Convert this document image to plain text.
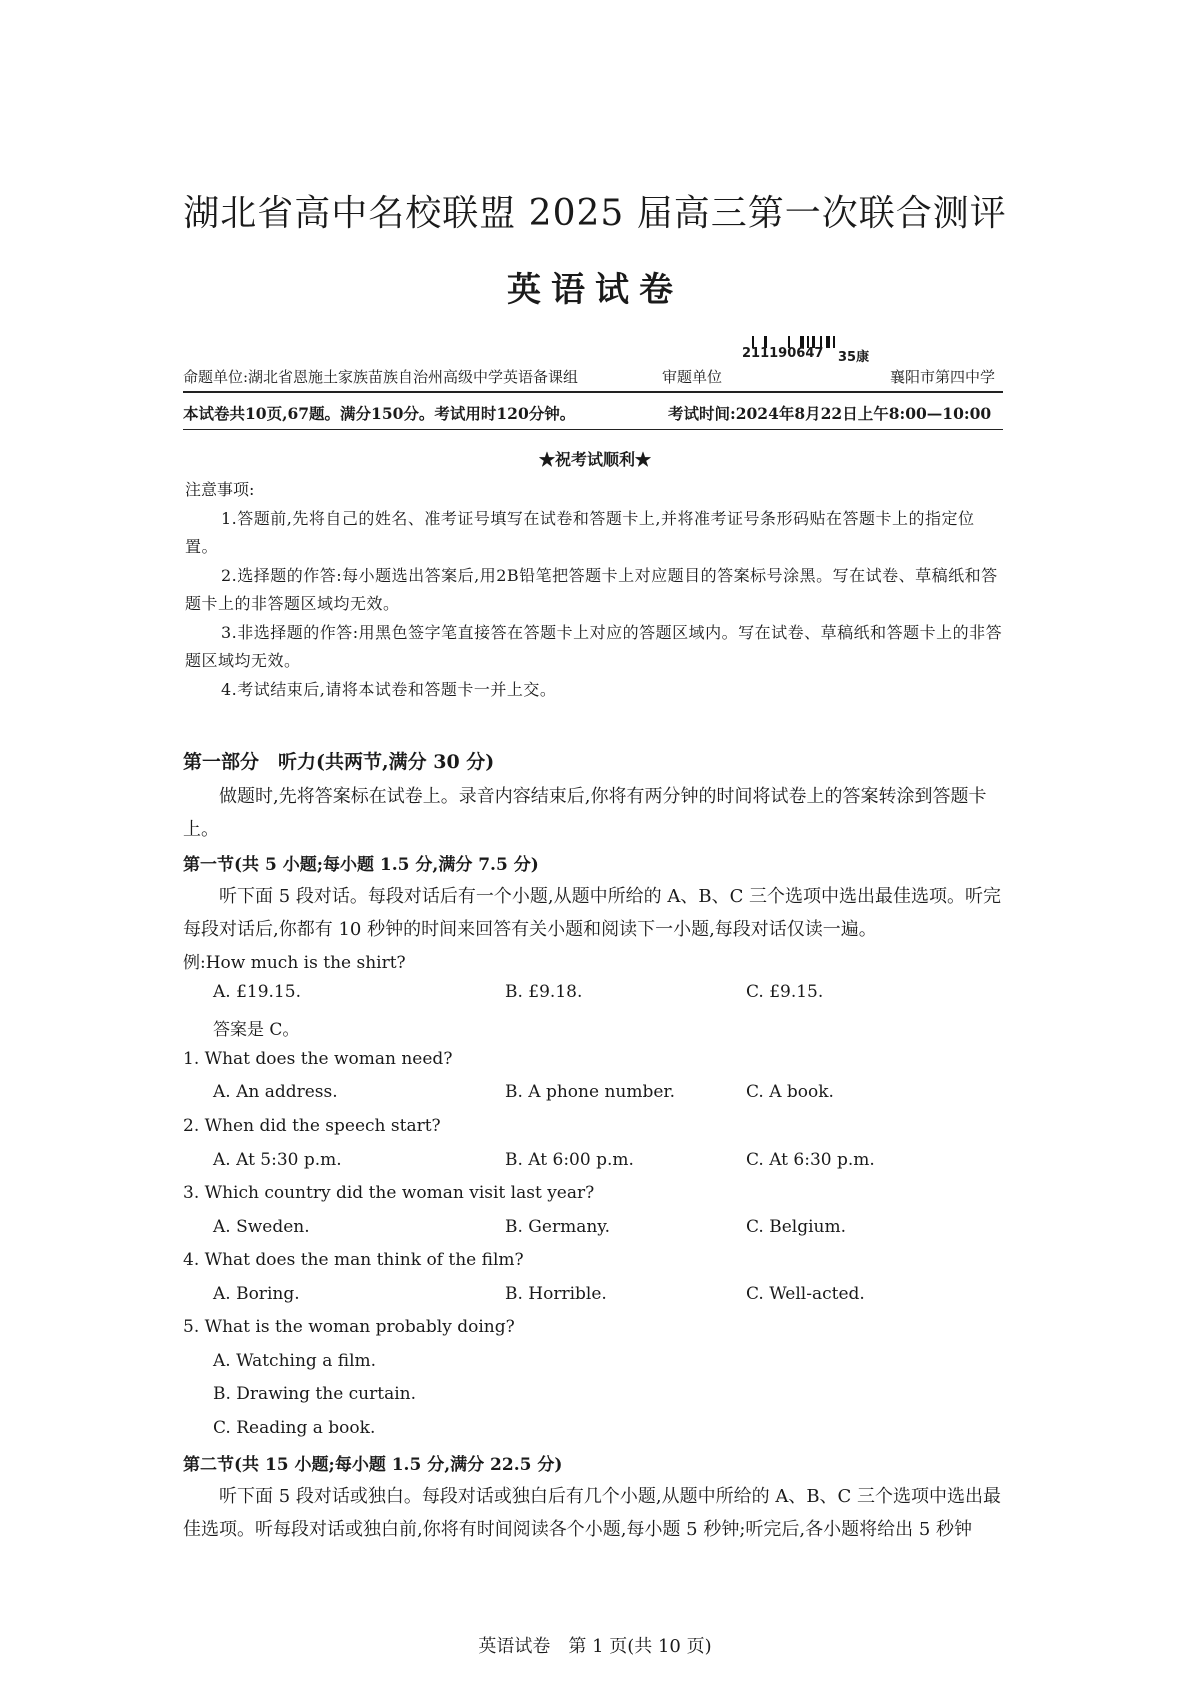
湖北省高中名校联盟 2025 届高三第一次联合测评
英语试卷
命题单位:湖北省恩施土家族苗族自治州高级中学英语备课组	审题单位
211190647 35康
襄阳市第四中学
本试卷共10页,67题。满分150分。考试用时120分钟。	考试时间:2024年8月22日上午8:00—10:00
★祝考试顺利★
注意事项:
1.答题前,先将自己的姓名、准考证号填写在试卷和答题卡上,并将准考证号条形码贴在答题卡上的指定位置。
2.选择题的作答:每小题选出答案后,用2B铅笔把答题卡上对应题目的答案标号涂黑。写在试卷、草稿纸和答题卡上的非答题区域均无效。
3.非选择题的作答:用黑色签字笔直接答在答题卡上对应的答题区域内。写在试卷、草稿纸和答题卡上的非答题区域均无效。
4.考试结束后,请将本试卷和答题卡一并上交。
第一部分　听力(共两节,满分 30 分)
做题时,先将答案标在试卷上。录音内容结束后,你将有两分钟的时间将试卷上的答案转涂到答题卡上。
第一节(共 5 小题;每小题 1.5 分,满分 7.5 分)
听下面 5 段对话。每段对话后有一个小题,从题中所给的 A、B、C 三个选项中选出最佳选项。听完每段对话后,你都有 10 秒钟的时间来回答有关小题和阅读下一小题,每段对话仅读一遍。
例:How much is the shirt?
A. £19.15.	B. £9.18.	C. £9.15.
答案是 C。
1. What does the woman need?
A. An address.	B. A phone number.	C. A book.
2. When did the speech start?
A. At 5:30 p.m.	B. At 6:00 p.m.	C. At 6:30 p.m.
3. Which country did the woman visit last year?
A. Sweden.	B. Germany.	C. Belgium.
4. What does the man think of the film?
A. Boring.	B. Horrible.	C. Well-acted.
5. What is the woman probably doing?
A. Watching a film.
B. Drawing the curtain.
C. Reading a book.
第二节(共 15 小题;每小题 1.5 分,满分 22.5 分)
听下面 5 段对话或独白。每段对话或独白后有几个小题,从题中所给的 A、B、C 三个选项中选出最佳选项。听每段对话或独白前,你将有时间阅读各个小题,每小题 5 秒钟;听完后,各小题将给出 5 秒钟
英语试卷　第 1 页(共 10 页)
